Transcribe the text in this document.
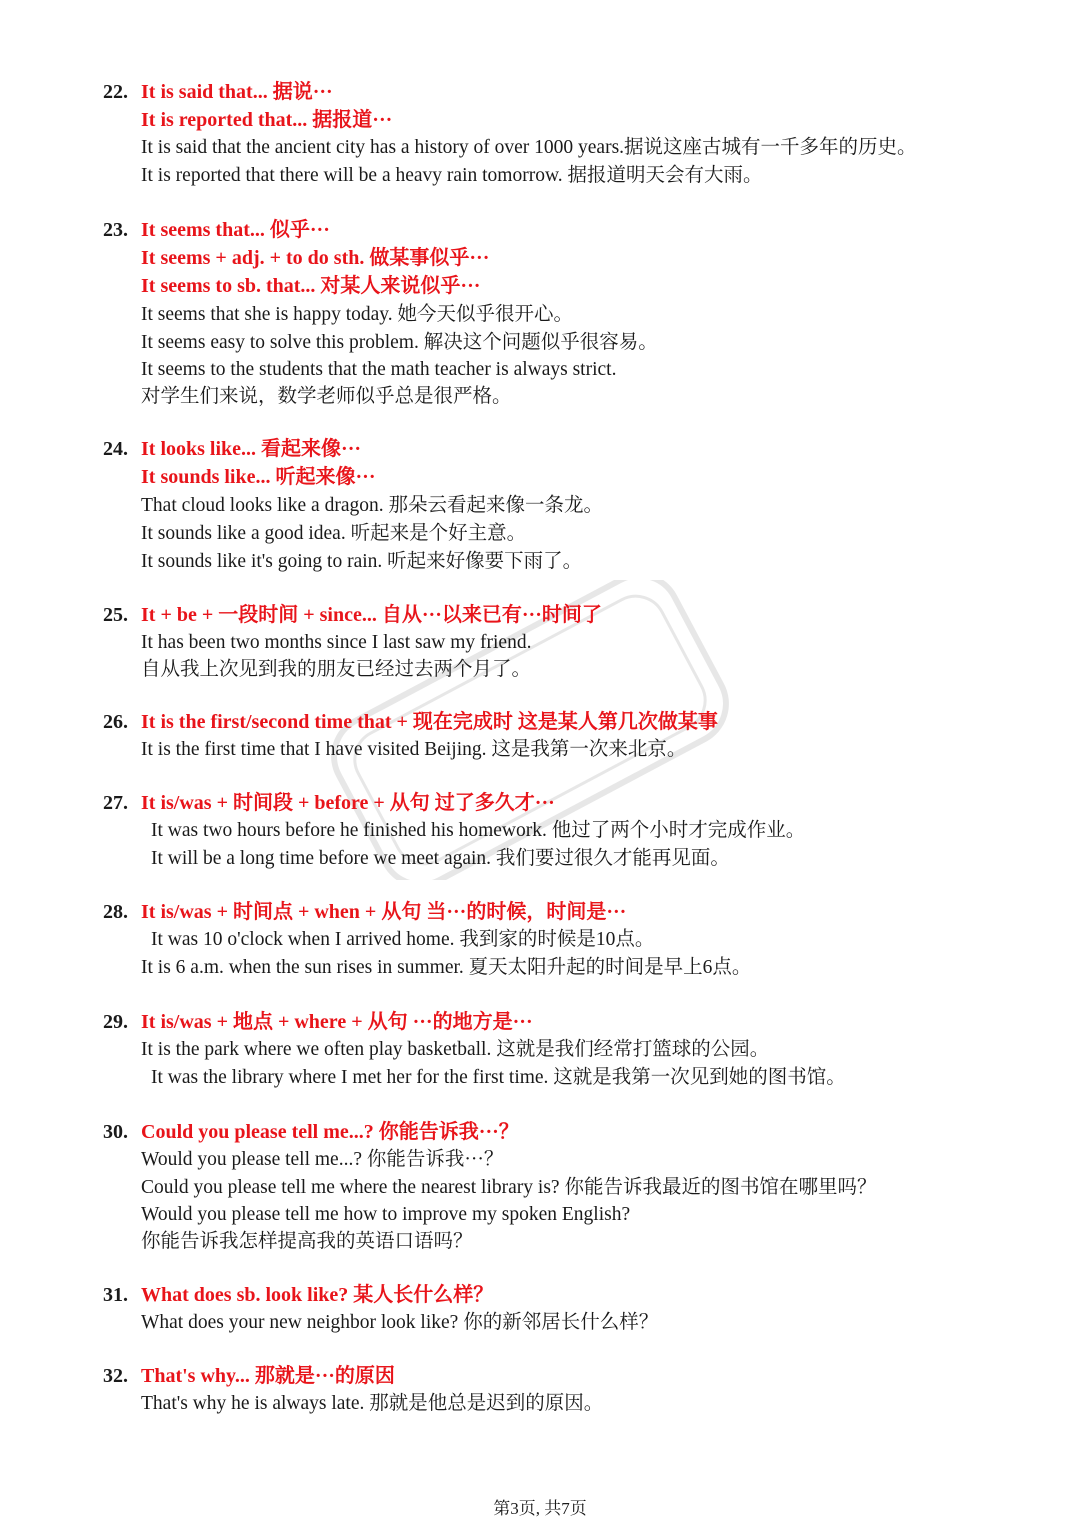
22. It is said that... 据说···
It is reported that... 据报道···
It is said that the ancient city has a history of over 1000 years.据说这座古城有一千多年的历史。
It is reported that there will be a heavy rain tomorrow. 据报道明天会有大雨。
23. It seems that... 似乎···
It seems + adj. + to do sth. 做某事似乎···
It seems to sb. that... 对某人来说似乎···
It seems that she is happy today. 她今天似乎很开心。
It seems easy to solve this problem. 解决这个问题似乎很容易。
It seems to the students that the math teacher is always strict.
对学生们来说，数学老师似乎总是很严格。
24. It looks like... 看起来像···
It sounds like... 听起来像···
That cloud looks like a dragon. 那朵云看起来像一条龙。
It sounds like a good idea. 听起来是个好主意。
It sounds like it's going to rain. 听起来好像要下雨了。
25. It + be + 一段时间 + since... 自从···以来已有···时间了
It has been two months since I last saw my friend.
自从我上次见到我的朋友已经过去两个月了。
26. It is the first/second time that + 现在完成时 这是某人第几次做某事
It is the first time that I have visited Beijing. 这是我第一次来北京。
27. It is/was + 时间段 + before + 从句 过了多久才···
It was two hours before he finished his homework. 他过了两个小时才完成作业。
It will be a long time before we meet again. 我们要过很久才能再见面。
28. It is/was + 时间点 + when + 从句 当···的时候，时间是···
It was 10 o'clock when I arrived home. 我到家的时候是10点。
It is 6 a.m. when the sun rises in summer. 夏天太阳升起的时间是早上6点。
29. It is/was + 地点 + where + 从句 ···的地方是···
It is the park where we often play basketball. 这就是我们经常打篮球的公园。
It was the library where I met her for the first time. 这就是我第一次见到她的图书馆。
30. Could you please tell me...? 你能告诉我···？
Would you please tell me...? 你能告诉我···？
Could you please tell me where the nearest library is? 你能告诉我最近的图书馆在哪里吗？
Would you please tell me how to improve my spoken English?
你能告诉我怎样提高我的英语口语吗？
31. What does sb. look like? 某人长什么样？
What does your new neighbor look like? 你的新邻居长什么样？
32. That's why... 那就是···的原因
That's why he is always late. 那就是他总是迟到的原因。
第3页, 共7页
